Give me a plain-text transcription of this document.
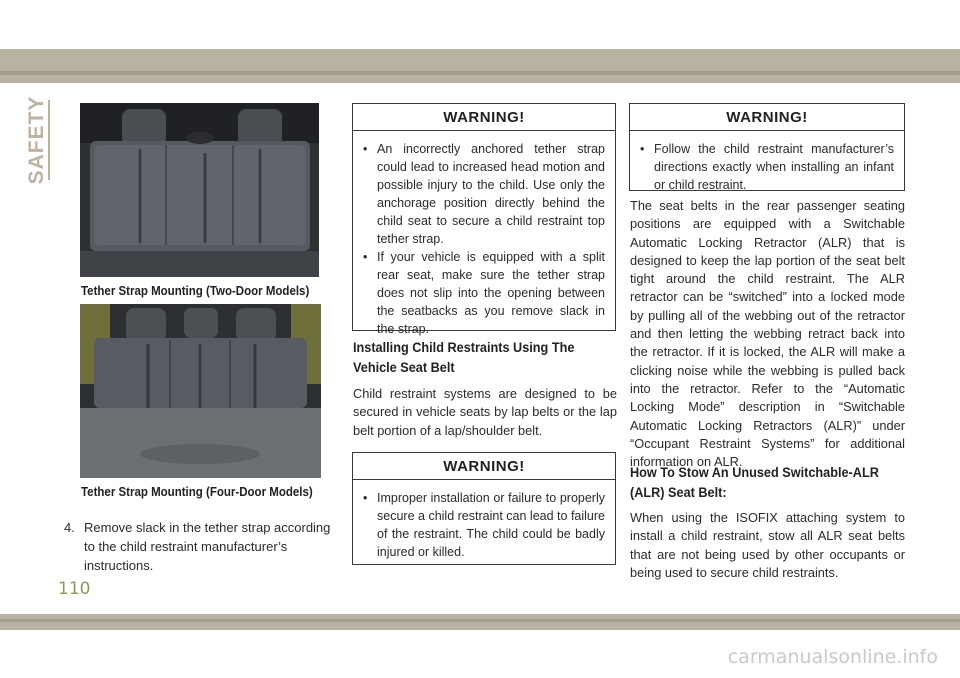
SAFETY
Tether Strap Mounting (Two-Door Models)
Tether Strap Mounting (Four-Door Models)
4. Remove slack in the tether strap according to the child restraint manufacturer’s instructions.
WARNING!
• An incorrectly anchored tether strap could lead to increased head motion and possible injury to the child. Use only the anchorage position directly behind the child seat to secure a child restraint top tether strap.
• If your vehicle is equipped with a split rear seat, make sure the tether strap does not slip into the opening between the seatbacks as you remove slack in the strap.
Installing Child Restraints Using The Vehicle Seat Belt
Child restraint systems are designed to be secured in vehicle seats by lap belts or the lap belt portion of a lap/shoulder belt.
WARNING!
• Improper installation or failure to properly secure a child restraint can lead to failure of the restraint. The child could be badly injured or killed.
WARNING!
• Follow the child restraint manufacturer’s directions exactly when installing an infant or child restraint.
The seat belts in the rear passenger seating positions are equipped with a Switchable Automatic Locking Retractor (ALR) that is designed to keep the lap portion of the seat belt tight around the child restraint. The ALR retractor can be “switched” into a locked mode by pulling all of the webbing out of the retractor and then letting the webbing retract back into the retractor. If it is locked, the ALR will make a clicking noise while the webbing is pulled back into the retractor. Refer to the “Automatic Locking Mode” description in “Switchable Automatic Locking Retractors (ALR)” under “Occupant Restraint Systems” for additional information on ALR.
How To Stow An Unused Switchable-ALR (ALR) Seat Belt:
When using the ISOFIX attaching system to install a child restraint, stow all ALR seat belts that are not being used by other occupants or being used to secure child restraints.
110
carmanualsonline.info
